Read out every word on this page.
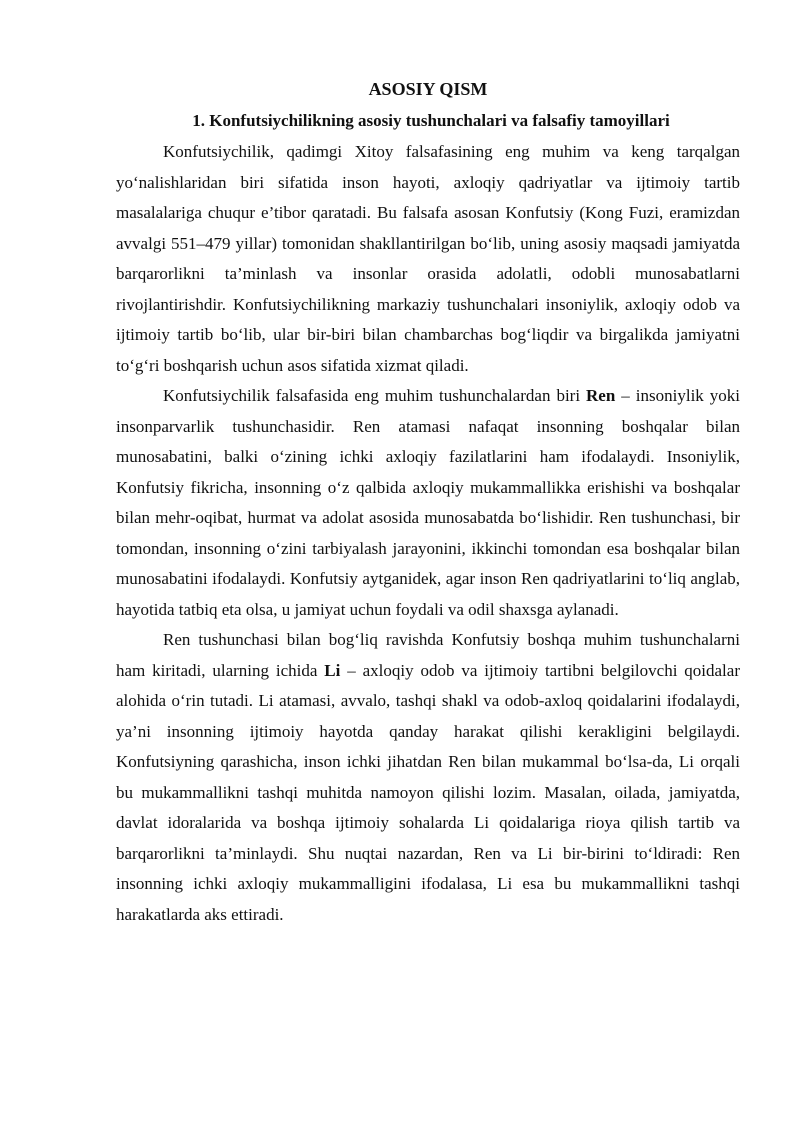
ASOSIY QISM
1. Konfutsiychilikning asosiy tushunchalari va falsafiy tamoyillari

Konfutsiychilik, qadimgi Xitoy falsafasining eng muhim va keng tarqalgan yoʻnalishlaridan biri sifatida inson hayoti, axloqiy qadriyatlar va ijtimoiy tartib masalalariga chuqur e’tibor qaratadi. Bu falsafa asosan Konfutsiy (Kong Fuzi, eramizdan avvalgi 551–479 yillar) tomonidan shakllantirilgan boʻlib, uning asosiy maqsadi jamiyatda barqarorlikni ta’minlash va insonlar orasida adolatli, odobli munosabatlarni rivojlantirishdir. Konfutsiychilikning markaziy tushunchalari insoniylik, axloqiy odob va ijtimoiy tartib boʻlib, ular bir-biri bilan chambarchas bogʻliqdir va birgalikda jamiyatni toʻgʻri boshqarish uchun asos sifatida xizmat qiladi.

Konfutsiychilik falsafasida eng muhim tushunchalardan biri Ren – insoniylik yoki insonparvarlik tushunchasidir. Ren atamasi nafaqat insonning boshqalar bilan munosabatini, balki oʻzining ichki axloqiy fazilatlarini ham ifodalaydi. Insoniylik, Konfutsiy fikricha, insonning oʻz qalbida axloqiy mukammallikka erishishi va boshqalar bilan mehr-oqibat, hurmat va adolat asosida munosabatda boʻlishidir. Ren tushunchasi, bir tomondan, insonning oʻzini tarbiyalash jarayonini, ikkinchi tomondan esa boshqalar bilan munosabatini ifodalaydi. Konfutsiy aytganidek, agar inson Ren qadriyatlarini toʻliq anglab, hayotida tatbiq eta olsa, u jamiyat uchun foydali va odil shaxsga aylanadi.

Ren tushunchasi bilan bogʻliq ravishda Konfutsiy boshqa muhim tushunchalarni ham kiritadi, ularning ichida Li – axloqiy odob va ijtimoiy tartibni belgilovchi qoidalar alohida oʻrin tutadi. Li atamasi, avvalo, tashqi shakl va odob-axloq qoidalarini ifodalaydi, ya’ni insonning ijtimoiy hayotda qanday harakat qilishi kerakligini belgilaydi. Konfutsiyning qarashicha, inson ichki jihatdan Ren bilan mukammal boʻlsa-da, Li orqali bu mukammallikni tashqi muhitda namoyon qilishi lozim. Masalan, oilada, jamiyatda, davlat idoralarida va boshqa ijtimoiy sohalarda Li qoidalariga rioya qilish tartib va barqarorlikni ta’minlaydi. Shu nuqtai nazardan, Ren va Li bir-birini toʻldiradi: Ren insonning ichki axloqiy mukammalligini ifodalasa, Li esa bu mukammallikni tashqi harakatlarda aks ettiradi.
